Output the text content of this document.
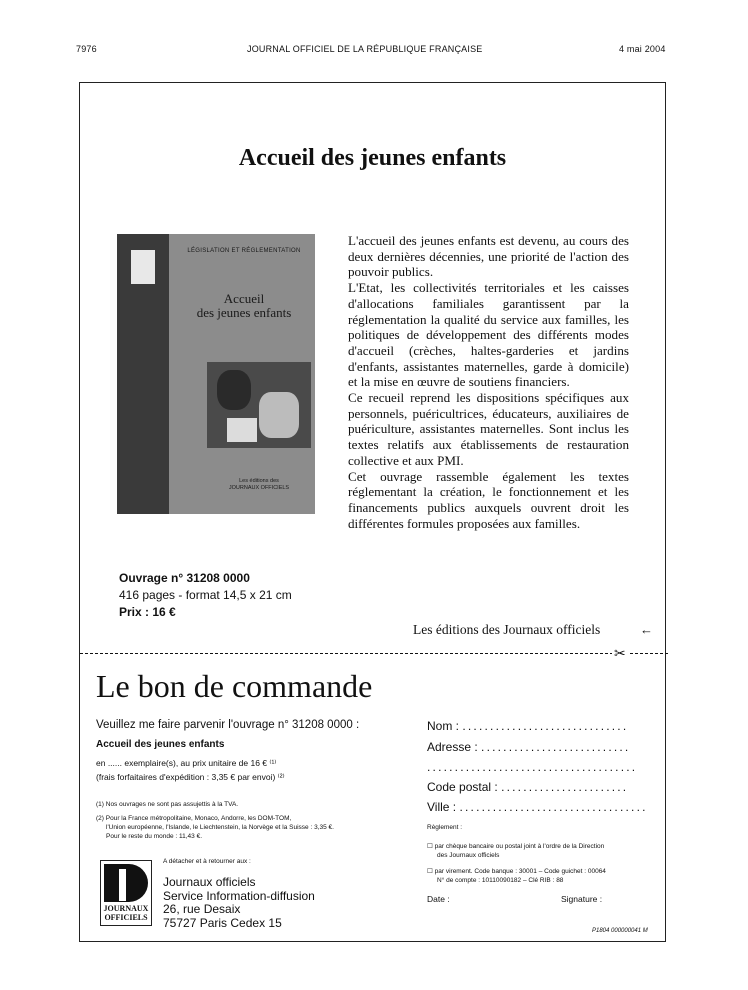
7976	JOURNAL OFFICIEL DE LA RÉPUBLIQUE FRANÇAISE	4 mai 2004
Accueil des jeunes enfants
LÉGISLATION ET RÉGLEMENTATION
Accueil
des jeunes enfants
Les éditions des
JOURNAUX OFFICIELS

L'accueil des jeunes enfants est devenu, au cours des deux dernières décennies, une priorité de l'action des pouvoir publics.

L'Etat, les collectivités territoriales et les caisses d'allocations familiales garantissent par la réglementation la qualité du service aux familles, les politiques de développement des différents modes d'accueil (crèches, haltes-garderies et jardins d'enfants, assistantes maternelles, garde à domicile) et la mise en œuvre de soutiens financiers.

Ce recueil reprend les dispositions spécifiques aux personnels, puéricultrices, éducateurs, auxiliaires de puériculture, assistantes maternelles. Sont inclus les textes relatifs aux établissements de restauration collective et aux PMI.

Cet ouvrage rassemble également les textes réglementant la création, le fonctionnement et les financements publics auxquels ouvrent droit les différentes formules proposées aux familles.

Ouvrage n° 31208 0000
416 pages - format 14,5 x 21 cm
Prix : 16 €
Les éditions des Journaux officiels	←
✂
Le bon de commande
Veuillez me faire parvenir l'ouvrage n° 31208 0000 :
Accueil des jeunes enfants
en ...... exemplaire(s), au prix unitaire de 16 € ⁽¹⁾
(frais forfaitaires d'expédition : 3,35 € par envoi) ⁽²⁾
(1) Nos ouvrages ne sont pas assujettis à la TVA.
(2) Pour la France métropolitaine, Monaco, Andorre, les DOM-TOM,
l'Union européenne, l'Islande, le Liechtenstein, la Norvège et la Suisse : 3,35 €.
Pour le reste du monde : 11,43 €.
A détacher et à retourner aux :
JOURNAUX
OFFICIELS
Journaux officiels
Service Information-diffusion
26, rue Desaix
75727 Paris Cedex 15
Nom : ..............................
Adresse : ...........................
......................................
Code postal : .......................
Ville : ..................................
Règlement :
☐ par chèque bancaire ou postal joint à l'ordre de la Direction
des Journaux officiels
☐ par virement. Code banque : 30001 – Code guichet : 00064
N° de compte : 10110090182 – Clé RIB : 88
Date :	Signature :
P1804 000000041 M
